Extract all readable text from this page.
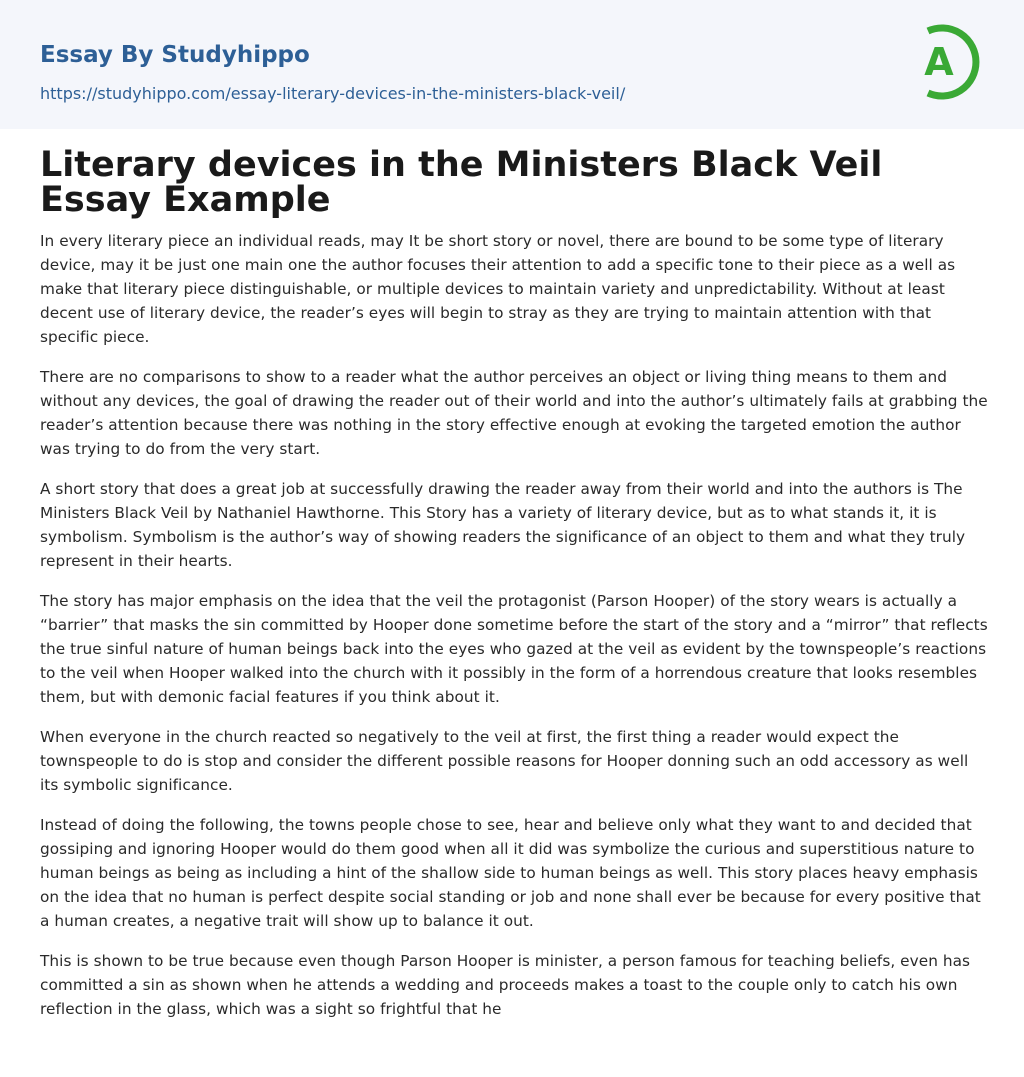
Essay By Studyhippo
https://studyhippo.com/essay-literary-devices-in-the-ministers-black-veil/
A
Literary devices in the Ministers Black Veil Essay Example

In every literary piece an individual reads, may It be short story or novel, there are bound to be some type of literary device, may it be just one main one the author focuses their attention to add a specific tone to their piece as a well as make that literary piece distinguishable, or multiple devices to maintain variety and unpredictability. Without at least decent use of literary device, the reader’s eyes will begin to stray as they are trying to maintain attention with that specific piece.

There are no comparisons to show to a reader what the author perceives an object or living thing means to them and without any devices, the goal of drawing the reader out of their world and into the author’s ultimately fails at grabbing the reader’s attention because there was nothing in the story effective enough at evoking the targeted emotion the author was trying to do from the very start.

A short story that does a great job at successfully drawing the reader away from their world and into the authors is The Ministers Black Veil by Nathaniel Hawthorne. This Story has a variety of literary device, but as to what stands it, it is symbolism. Symbolism is the author’s way of showing readers the significance of an object to them and what they truly represent in their hearts.

The story has major emphasis on the idea that the veil the protagonist (Parson Hooper) of the story wears is actually a “barrier” that masks the sin committed by Hooper done sometime before the start of the story and a “mirror” that reflects the true sinful nature of human beings back into the eyes who gazed at the veil as evident by the townspeople’s reactions to the veil when Hooper walked into the church with it possibly in the form of a horrendous creature that looks resembles them, but with demonic facial features if you think about it.

When everyone in the church reacted so negatively to the veil at first, the first thing a reader would expect the townspeople to do is stop and consider the different possible reasons for Hooper donning such an odd accessory as well its symbolic significance.

Instead of doing the following, the towns people chose to see, hear and believe only what they want to and decided that gossiping and ignoring Hooper would do them good when all it did was symbolize the curious and superstitious nature to human beings as being as including a hint of the shallow side to human beings as well. This story places heavy emphasis on the idea that no human is perfect despite social standing or job and none shall ever be because for every positive that a human creates, a negative trait will show up to balance it out.

This is shown to be true because even though Parson Hooper is minister, a person famous for teaching beliefs, even has committed a sin as shown when he attends a wedding and proceeds makes a toast to the couple only to catch his own reflection in the glass, which was a sight so frightful that he
